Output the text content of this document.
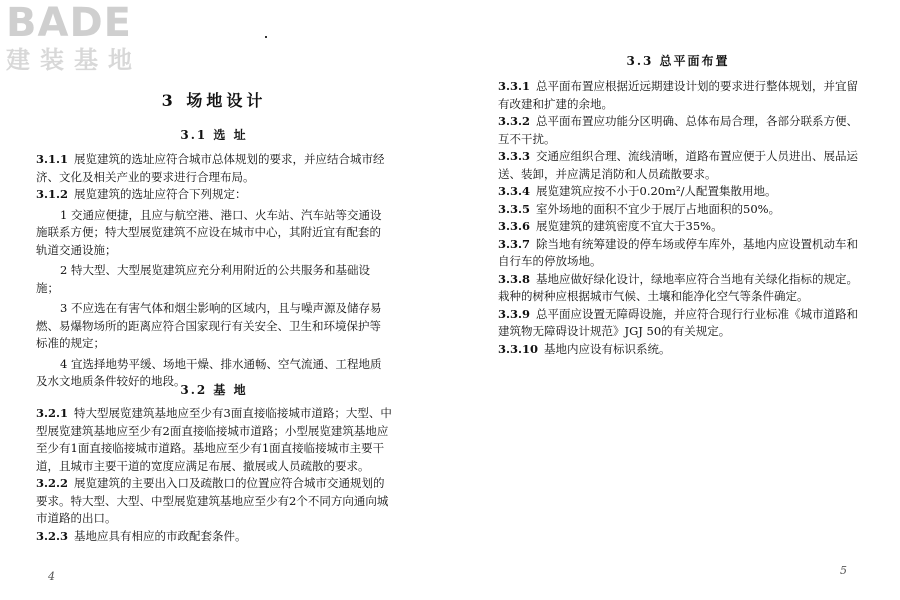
BADE
建装基地
3 场地设计
3.1 选 址

3.1.1 展览建筑的选址应符合城市总体规划的要求，并应结合城市经济、文化及相关产业的要求进行合理布局。

3.1.2 展览建筑的选址应符合下列规定：

1 交通应便捷，且应与航空港、港口、火车站、汽车站等交通设施联系方便；特大型展览建筑不应设在城市中心，其附近宜有配套的轨道交通设施；

2 特大型、大型展览建筑应充分利用附近的公共服务和基础设施；

3 不应选在有害气体和烟尘影响的区域内，且与噪声源及储存易燃、易爆物场所的距离应符合国家现行有关安全、卫生和环境保护等标准的规定；

4 宜选择地势平缓、场地干燥、排水通畅、空气流通、工程地质及水文地质条件较好的地段。

3.2 基 地

3.2.1 特大型展览建筑基地应至少有3面直接临接城市道路；大型、中型展览建筑基地应至少有2面直接临接城市道路；小型展览建筑基地应至少有1面直接临接城市道路。基地应至少有1面直接临接城市主要干道，且城市主要干道的宽度应满足布展、撤展或人员疏散的要求。

3.2.2 展览建筑的主要出入口及疏散口的位置应符合城市交通规划的要求。特大型、大型、中型展览建筑基地应至少有2个不同方向通向城市道路的出口。

3.2.3 基地应具有相应的市政配套条件。

4
3.3 总平面布置

3.3.1 总平面布置应根据近远期建设计划的要求进行整体规划，并宜留有改建和扩建的余地。

3.3.2 总平面布置应功能分区明确、总体布局合理，各部分联系方便、互不干扰。

3.3.3 交通应组织合理、流线清晰，道路布置应便于人员进出、展品运送、装卸，并应满足消防和人员疏散要求。

3.3.4 展览建筑应按不小于0.20m²/人配置集散用地。

3.3.5 室外场地的面积不宜少于展厅占地面积的50%。

3.3.6 展览建筑的建筑密度不宜大于35%。

3.3.7 除当地有统筹建设的停车场或停车库外，基地内应设置机动车和自行车的停放场地。

3.3.8 基地应做好绿化设计，绿地率应符合当地有关绿化指标的规定。栽种的树种应根据城市气候、土壤和能净化空气等条件确定。

3.3.9 总平面应设置无障碍设施，并应符合现行行业标准《城市道路和建筑物无障碍设计规范》JGJ 50的有关规定。

3.3.10 基地内应设有标识系统。

5
